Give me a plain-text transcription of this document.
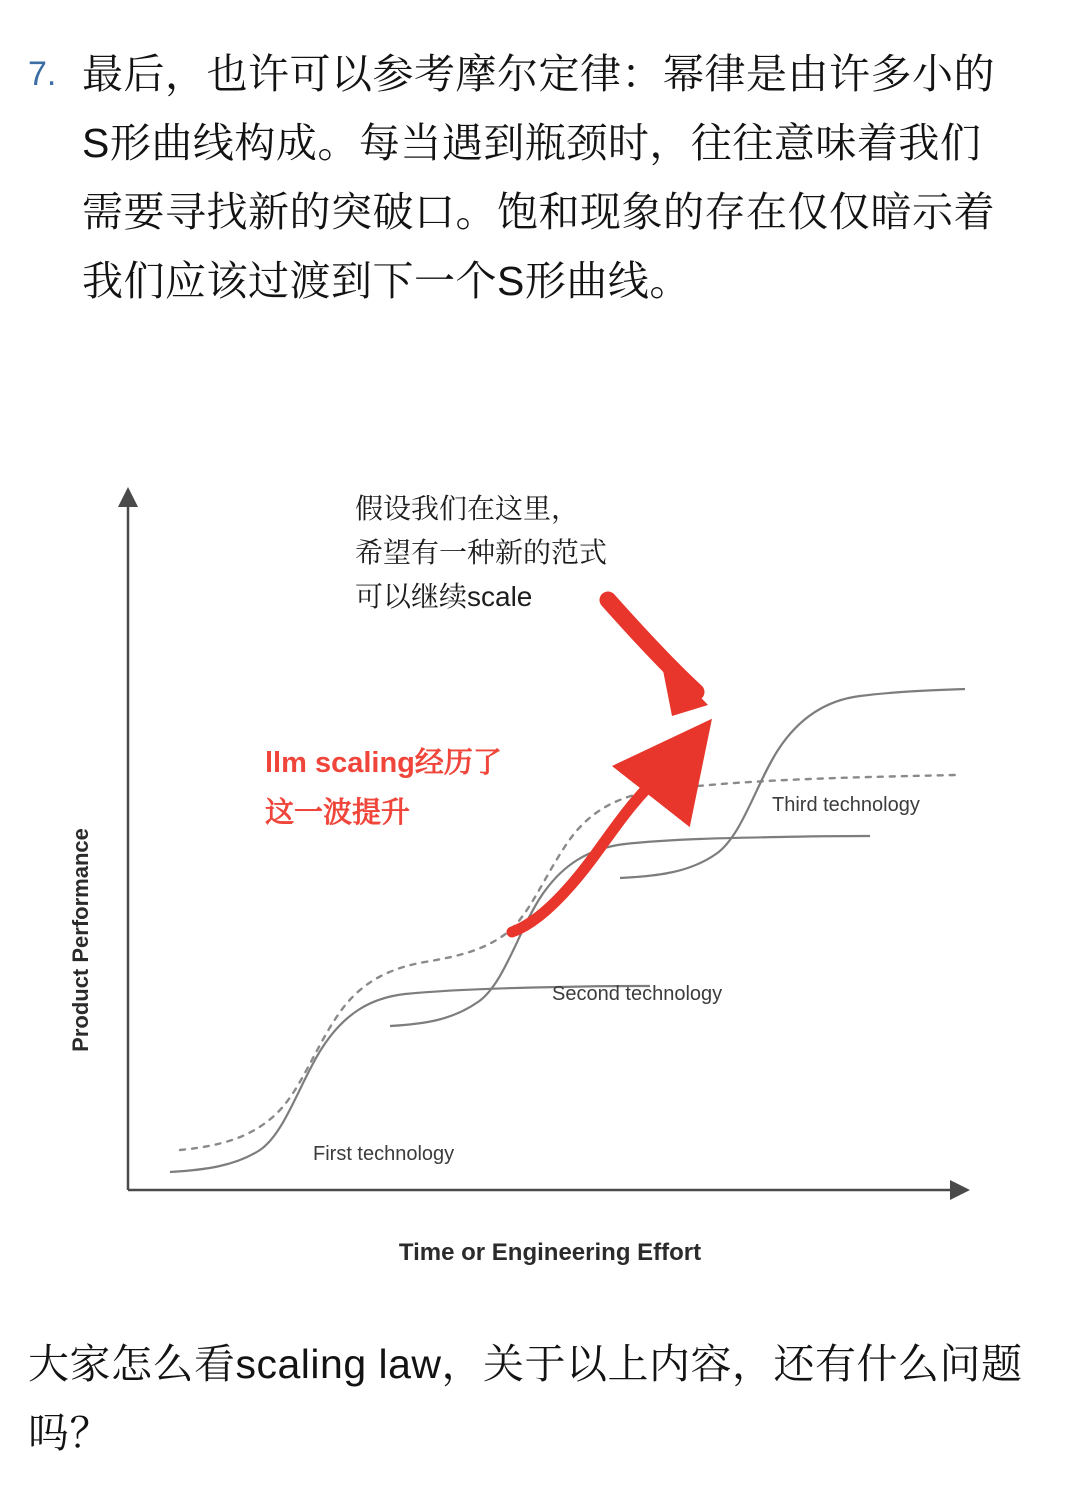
7. 最后，也许可以参考摩尔定律：幂律是由许多小的S形曲线构成。每当遇到瓶颈时，往往意味着我们需要寻找新的突破口。饱和现象的存在仅仅暗示着我们应该过渡到下一个S形曲线。
Product Performance
Time or Engineering Effort
假设我们在这里，
希望有一种新的范式
可以继续scale
llm scaling经历了
这一波提升
First technology
Second technology
Third technology
大家怎么看scaling law，关于以上内容，还有什么问题吗？
